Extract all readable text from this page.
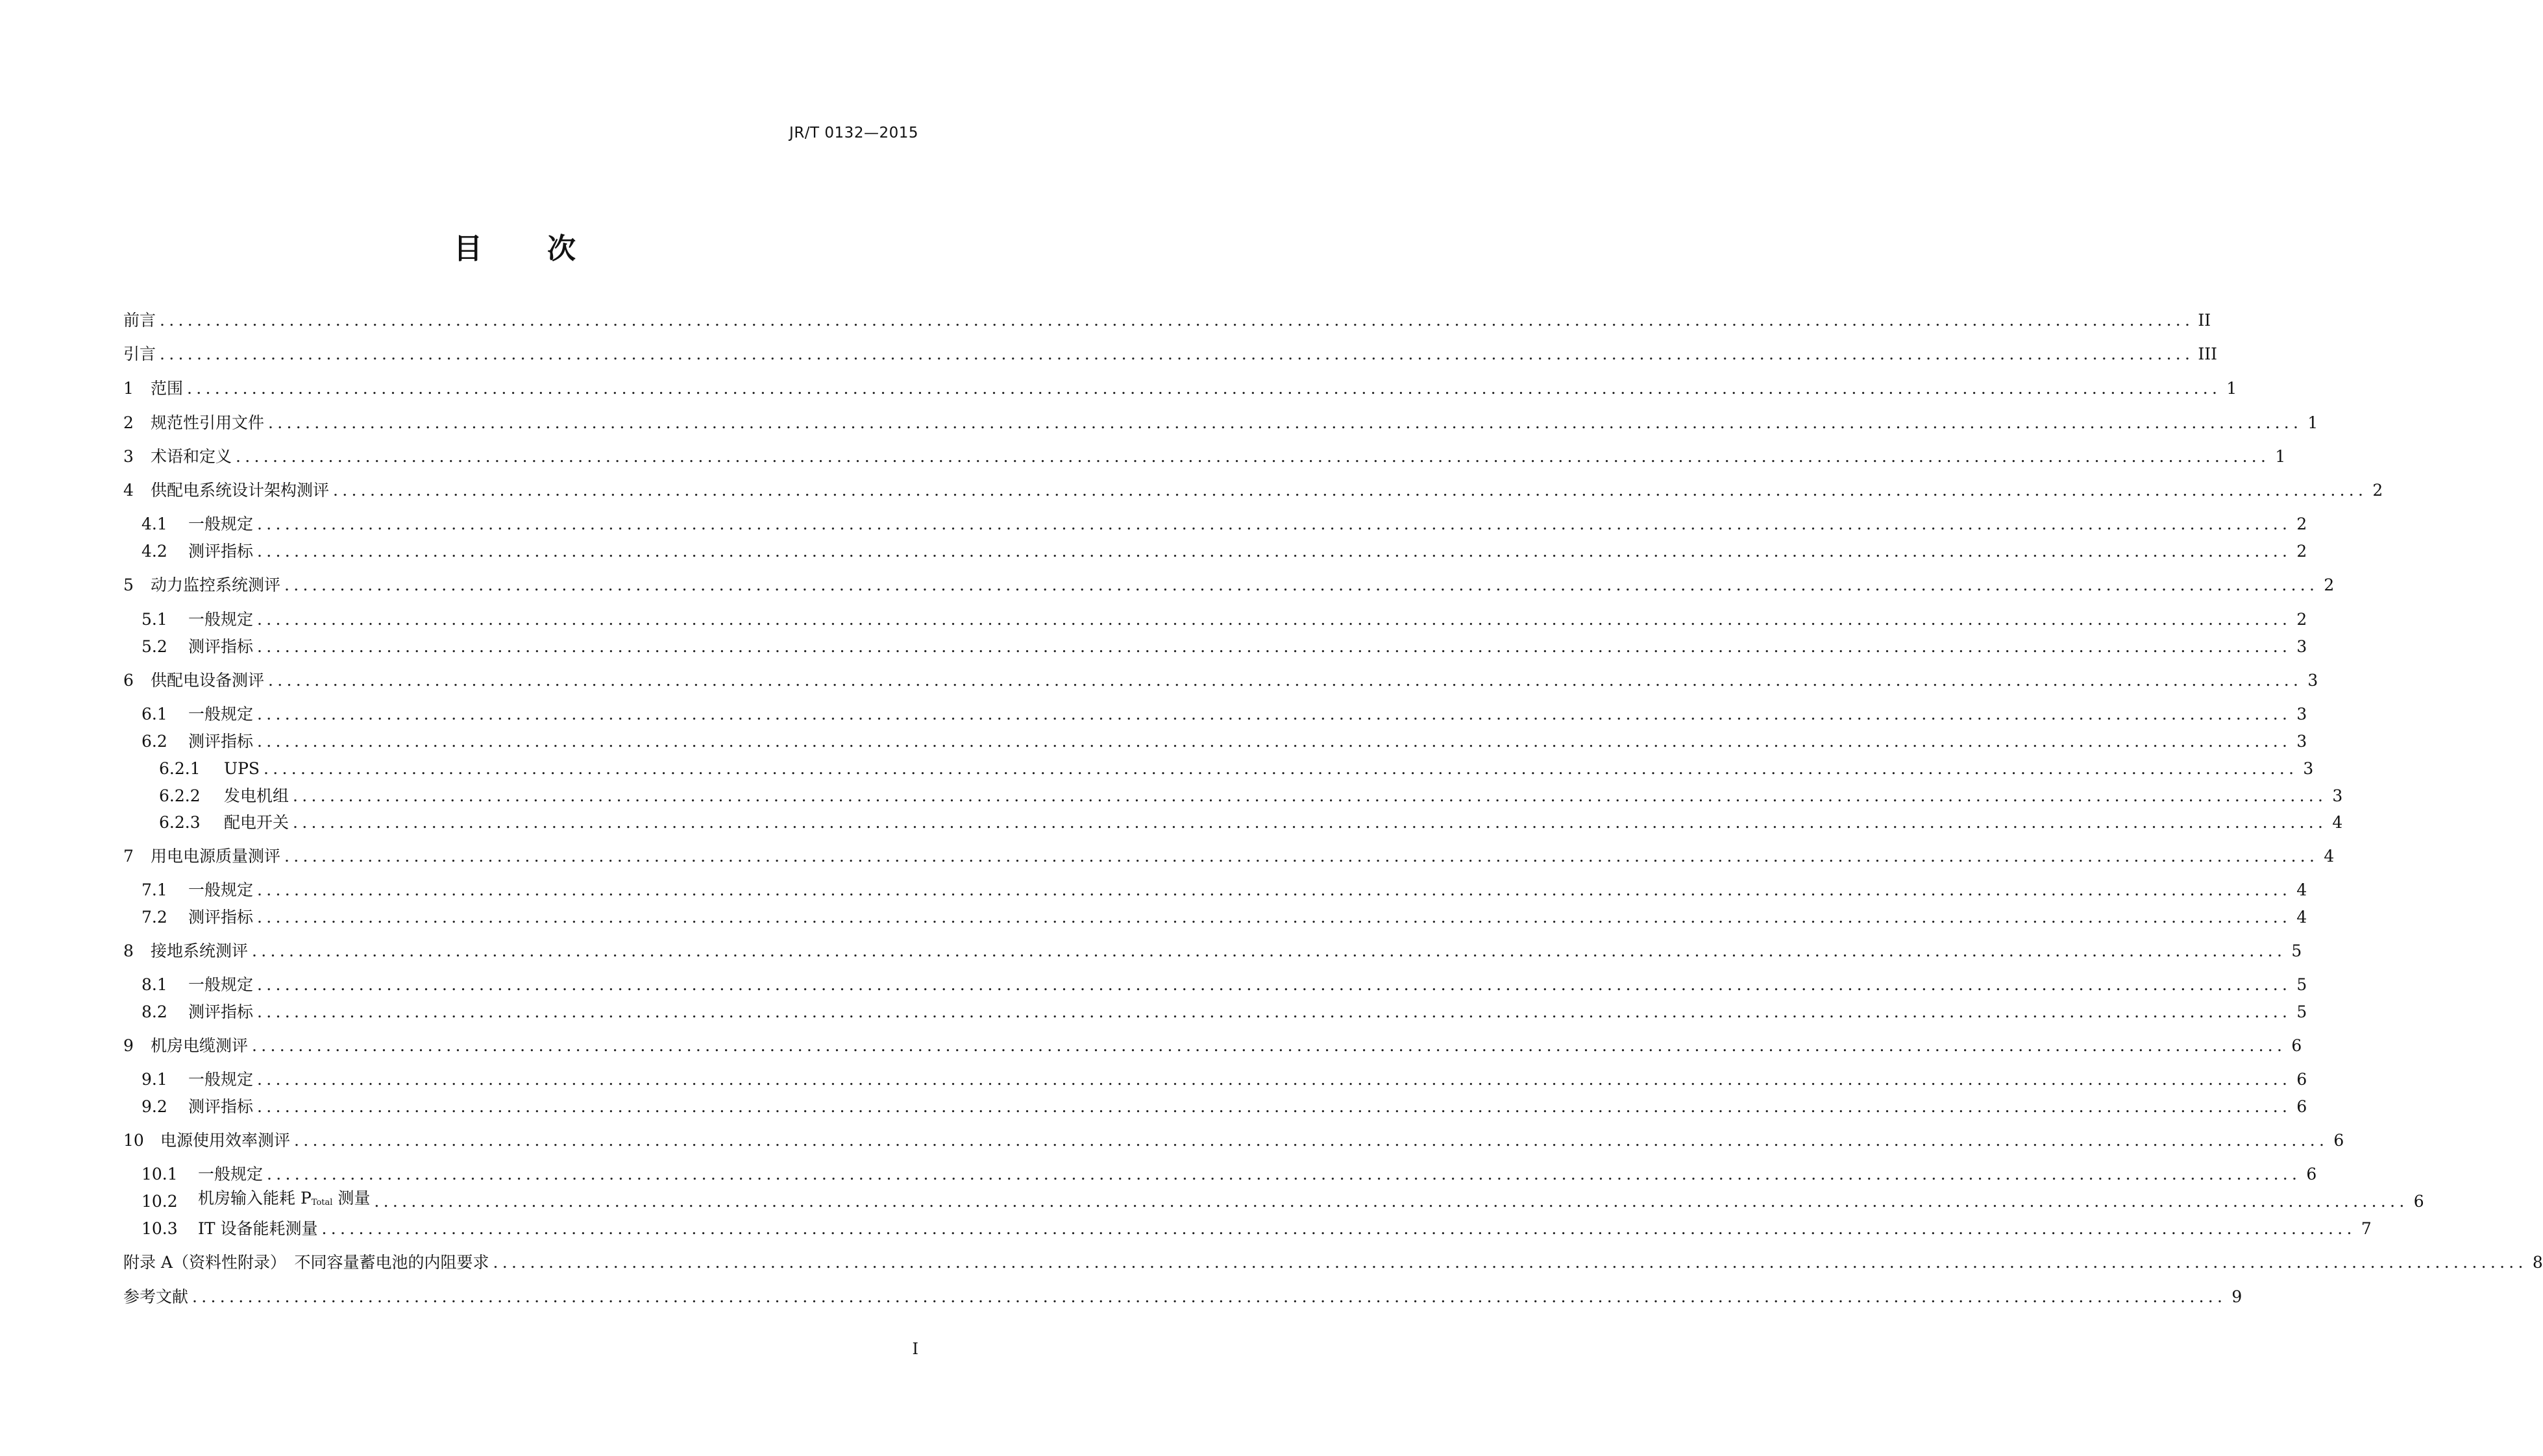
JR/T 0132—2015
目 次
前言 ............................................................................................................................................................................................................................ II
引言 ............................................................................................................................................................................................................................ III
1	范围 ............................................................................................................................................................................................................................ 1
2	规范性引用文件 ............................................................................................................................................................................................................................ 1
3	术语和定义 ............................................................................................................................................................................................................................ 1
4	供配电系统设计架构测评 ............................................................................................................................................................................................................................ 2
4.1	一般规定 ............................................................................................................................................................................................................................ 2
4.2	测评指标 ............................................................................................................................................................................................................................ 2
5	动力监控系统测评 ............................................................................................................................................................................................................................ 2
5.1	一般规定 ............................................................................................................................................................................................................................ 2
5.2	测评指标 ............................................................................................................................................................................................................................ 3
6	供配电设备测评 ............................................................................................................................................................................................................................ 3
6.1	一般规定 ............................................................................................................................................................................................................................ 3
6.2	测评指标 ............................................................................................................................................................................................................................ 3
6.2.1	UPS ............................................................................................................................................................................................................................ 3
6.2.2	发电机组 ............................................................................................................................................................................................................................ 3
6.2.3	配电开关 ............................................................................................................................................................................................................................ 4
7	用电电源质量测评 ............................................................................................................................................................................................................................ 4
7.1	一般规定 ............................................................................................................................................................................................................................ 4
7.2	测评指标 ............................................................................................................................................................................................................................ 4
8	接地系统测评 ............................................................................................................................................................................................................................ 5
8.1	一般规定 ............................................................................................................................................................................................................................ 5
8.2	测评指标 ............................................................................................................................................................................................................................ 5
9	机房电缆测评 ............................................................................................................................................................................................................................ 6
9.1	一般规定 ............................................................................................................................................................................................................................ 6
9.2	测评指标 ............................................................................................................................................................................................................................ 6
10	电源使用效率测评 ............................................................................................................................................................................................................................ 6
10.1	一般规定 ............................................................................................................................................................................................................................ 6
10.2	机房输入能耗 $P_{Total}$ 测量 ............................................................................................................................................................................................................................ 6
10.3	IT 设备能耗测量 ............................................................................................................................................................................................................................ 7
附录 A（资料性附录）　不同容量蓄电池的内阻要求 ............................................................................................................................................................................................................................ 8
参考文献 ............................................................................................................................................................................................................................ 9
I
